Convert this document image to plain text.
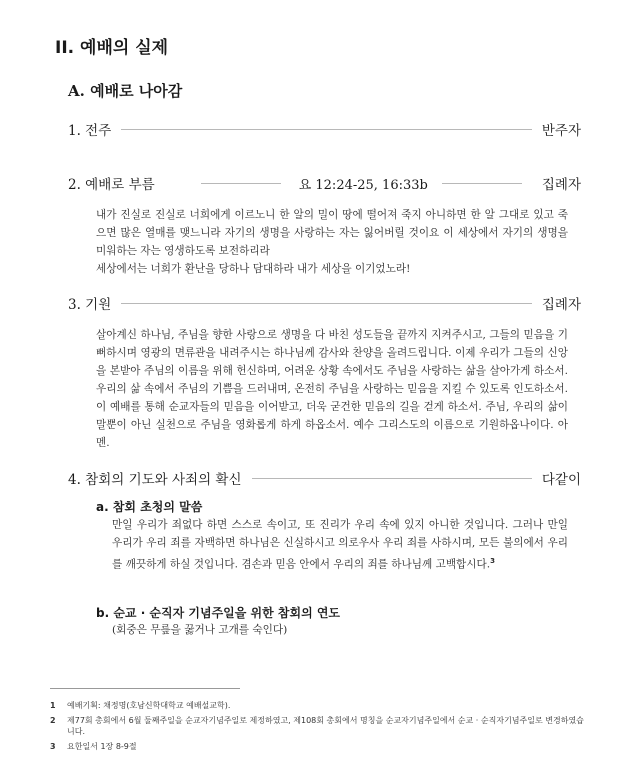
II. 예배의 실제
A. 예배로 나아감
1. 전주	반주자
2. 예배로 부름	요 12:24-25, 16:33b	집례자

내가 진실로 진실로 너희에게 이르노니 한 알의 밀이 땅에 떨어져 죽지 아니하면 한 알 그대로 있고 죽으면 많은 열매를 맺느니라 자기의 생명을 사랑하는 자는 잃어버릴 것이요 이 세상에서 자기의 생명을 미워하는 자는 영생하도록 보전하리라

세상에서는 너희가 환난을 당하나 담대하라 내가 세상을 이기었노라!

3. 기원	집례자

살아계신 하나님, 주님을 향한 사랑으로 생명을 다 바친 성도들을 끝까지 지켜주시고, 그들의 믿음을 기뻐하시며 영광의 면류관을 내려주시는 하나님께 감사와 찬양을 올려드립니다. 이제 우리가 그들의 신앙을 본받아 주님의 이름을 위해 헌신하며, 어려운 상황 속에서도 주님을 사랑하는 삶을 살아가게 하소서. 우리의 삶 속에서 주님의 기쁨을 드러내며, 온전히 주님을 사랑하는 믿음을 지킬 수 있도록 인도하소서. 이 예배를 통해 순교자들의 믿음을 이어받고, 더욱 굳건한 믿음의 길을 걷게 하소서. 주님, 우리의 삶이 말뿐이 아닌 실천으로 주님을 영화롭게 하게 하옵소서. 예수 그리스도의 이름으로 기원하옵나이다. 아멘.

4. 참회의 기도와 사죄의 확신	다같이
a. 참회 초청의 말씀
만일 우리가 죄없다 하면 스스로 속이고, 또 진리가 우리 속에 있지 아니한 것입니다. 그러나 만일 우리가 우리 죄를 자백하면 하나님은 신실하시고 의로우사 우리 죄를 사하시며, 모든 불의에서 우리를 깨끗하게 하실 것입니다. 겸손과 믿음 안에서 우리의 죄를 하나님께 고백합시다.$^3$
b. 순교 · 순직자 기념주일을 위한 참회의 연도
(회중은 무릎을 꿇거나 고개를 숙인다)
1	예배기획: 채정명(호남신학대학교 예배설교학).
2	제77회 총회에서 6월 둘째주일을 순교자기념주일로 제정하였고, 제108회 총회에서 명칭을 순교자기념주일에서 순교 · 순직자기념주일로 변경하였습니다.
3	요한일서 1장 8-9절
